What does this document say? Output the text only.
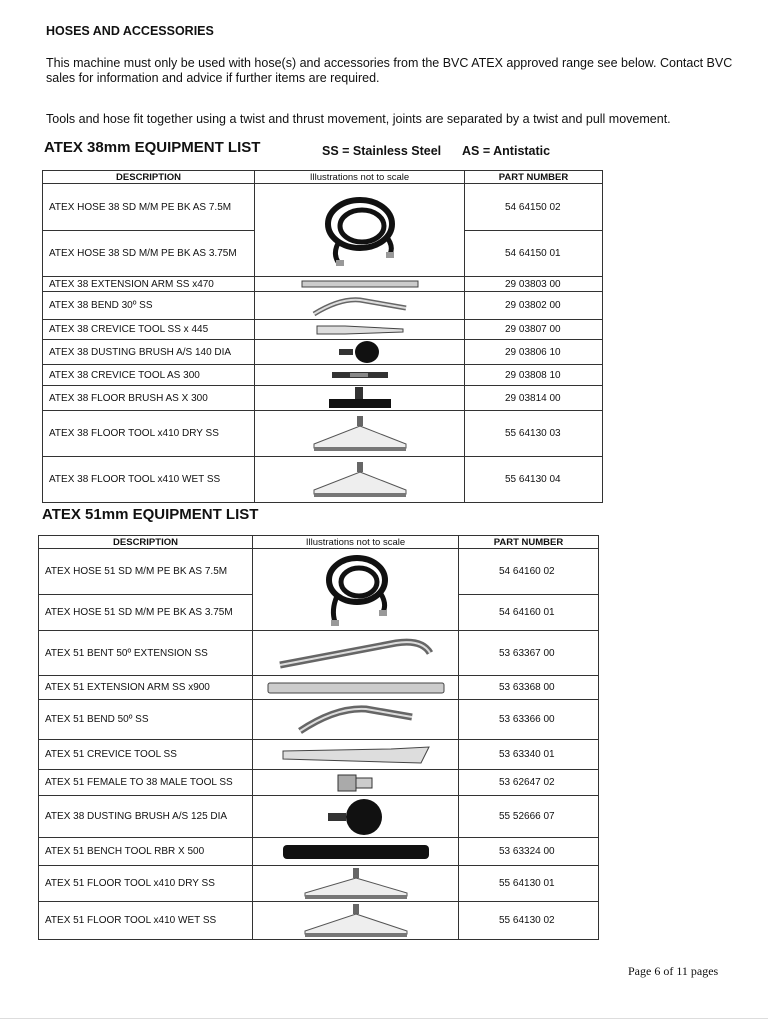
HOSES AND ACCESSORIES
This machine must only be used with hose(s) and accessories from the BVC ATEX approved range see below. Contact BVC sales for information and advice if further items are required.
Tools and hose fit together using a twist and thrust movement, joints are separated by a twist and pull movement.
ATEX 38mm EQUIPMENT LIST	SS = Stainless Steel AS = Antistatic
DESCRIPTION	Illustrations not to scale	PART NUMBER
ATEX HOSE 38 SD M/M PE BK AS 7.5M		54 64150 02
ATEX HOSE 38 SD M/M PE BK AS 3.75M		54 64150 01
ATEX 38 EXTENSION ARM SS x470		29 03803 00
ATEX 38 BEND 30º SS		29 03802 00
ATEX 38 CREVICE TOOL SS x 445		29 03807 00
ATEX 38 DUSTING BRUSH A/S 140 DIA		29 03806 10
ATEX 38 CREVICE TOOL AS 300		29 03808 10
ATEX 38 FLOOR BRUSH AS X 300		29 03814 00
ATEX 38 FLOOR TOOL x410 DRY SS		55 64130 03
ATEX 38 FLOOR TOOL x410 WET SS		55 64130 04
ATEX 51mm EQUIPMENT LIST
DESCRIPTION	Illustrations not to scale	PART NUMBER
ATEX HOSE 51 SD M/M PE BK AS 7.5M		54 64160 02
ATEX HOSE 51 SD M/M PE BK AS 3.75M		54 64160 01
ATEX 51 BENT 50º EXTENSION SS		53 63367 00
ATEX 51 EXTENSION ARM SS x900		53 63368 00
ATEX 51 BEND 50º SS		53 63366 00
ATEX 51 CREVICE TOOL SS		53 63340 01
ATEX 51 FEMALE TO 38 MALE TOOL SS		53 62647 02
ATEX 38 DUSTING BRUSH A/S 125 DIA		55 52666 07
ATEX 51 BENCH TOOL RBR X 500		53 63324 00
ATEX 51 FLOOR TOOL x410 DRY SS		55 64130 01
ATEX 51 FLOOR TOOL x410 WET SS		55 64130 02
Page 6 of 11 pages
